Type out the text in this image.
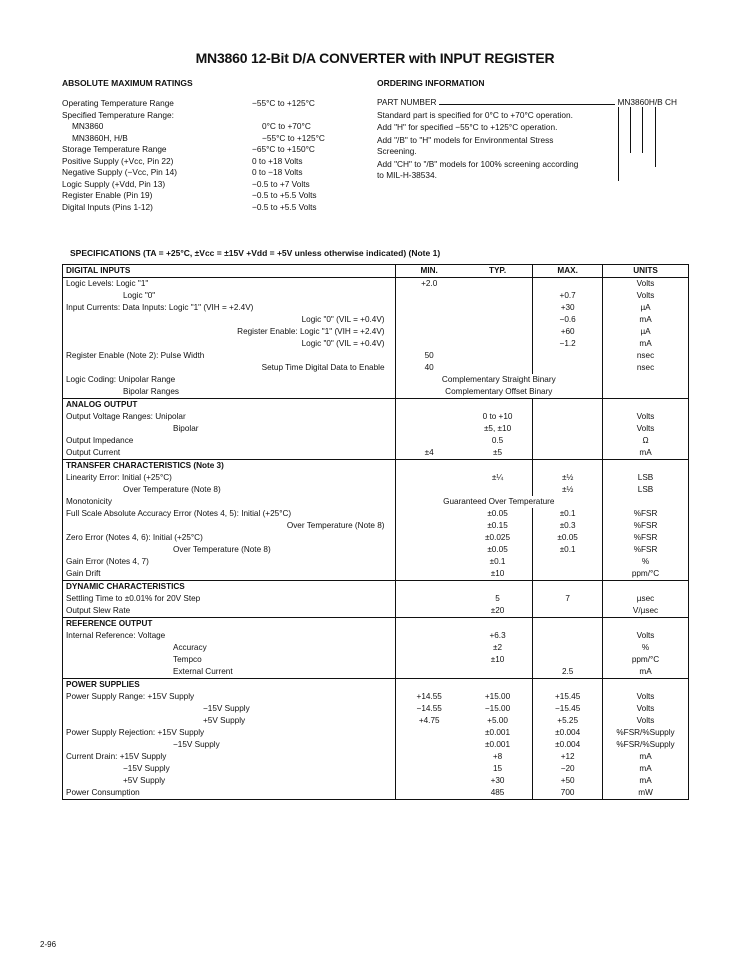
MN3860 12-Bit D/A CONVERTER with INPUT REGISTER
ABSOLUTE MAXIMUM RATINGS	ORDERING INFORMATION
Operating Temperature Range	−55°C to +125°C
Specified Temperature Range:
MN3860	0°C to +70°C
MN3860H, H/B	−55°C to +125°C
Storage Temperature Range	−65°C to +150°C
Positive Supply (+Vcc, Pin 22)	0 to +18 Volts
Negative Supply (−Vcc, Pin 14)	0 to −18 Volts
Logic Supply (+Vdd, Pin 13)	−0.5 to +7 Volts
Register Enable (Pin 19)	−0.5 to +5.5 Volts
Digital Inputs (Pins 1-12)	−0.5 to +5.5 Volts
PART NUMBER	MN3860H/B CH
Standard part is specified for 0°C to +70°C operation.
Add "H" for specified −55°C to +125°C operation.
Add "/B" to "H" models for Environmental Stress Screening.
Add "CH" to "/B" models for 100% screening according to MIL-H-38534.
SPECIFICATIONS (TA = +25°C, ±Vcc = ±15V +Vdd = +5V unless otherwise indicated) (Note 1)
DIGITAL INPUTS	MIN.	TYP.	MAX.	UNITS
Logic Levels: Logic "1"	+2.0			Volts
Logic "0"			+0.7	Volts
Input Currents: Data Inputs: Logic "1" (VIH = +2.4V)			+30	µA
Logic "0" (VIL = +0.4V)			−0.6	mA
Register Enable: Logic "1" (VIH = +2.4V)			+60	µA
Logic "0" (VIL = +0.4V)			−1.2	mA
Register Enable (Note 2): Pulse Width	50			nsec
Setup Time Digital Data to Enable	40			nsec
Logic Coding: Unipolar Range	Complementary Straight Binary			
Bipolar Ranges	Complementary Offset Binary			
ANALOG OUTPUT				
Output Voltage Ranges: Unipolar		0 to +10		Volts
Bipolar		±5, ±10		Volts
Output Impedance		0.5		Ω
Output Current	±4	±5		mA
TRANSFER CHARACTERISTICS (Note 3)				
Linearity Error: Initial (+25°C)		±¼	±½	LSB
Over Temperature (Note 8)			±½	LSB
Monotonicity	Guaranteed Over Temperature			
Full Scale Absolute Accuracy Error (Notes 4, 5): Initial (+25°C)		±0.05	±0.1	%FSR
Over Temperature (Note 8)		±0.15	±0.3	%FSR
Zero Error (Notes 4, 6): Initial (+25°C)		±0.025	±0.05	%FSR
Over Temperature (Note 8)		±0.05	±0.1	%FSR
Gain Error (Notes 4, 7)		±0.1		%
Gain Drift		±10		ppm/°C
DYNAMIC CHARACTERISTICS				
Settling Time to ±0.01% for 20V Step		5	7	µsec
Output Slew Rate		±20		V/µsec
REFERENCE OUTPUT				
Internal Reference: Voltage		+6.3		Volts
Accuracy		±2		%
Tempco		±10		ppm/°C
External Current			2.5	mA
POWER SUPPLIES				
Power Supply Range: +15V Supply	+14.55	+15.00	+15.45	Volts
−15V Supply	−14.55	−15.00	−15.45	Volts
+5V Supply	+4.75	+5.00	+5.25	Volts
Power Supply Rejection: +15V Supply		±0.001	±0.004	%FSR/%Supply
−15V Supply		±0.001	±0.004	%FSR/%Supply
Current Drain: +15V Supply		+8	+12	mA
−15V Supply		15	−20	mA
+5V Supply		+30	+50	mA
Power Consumption		485	700	mW
2-96
